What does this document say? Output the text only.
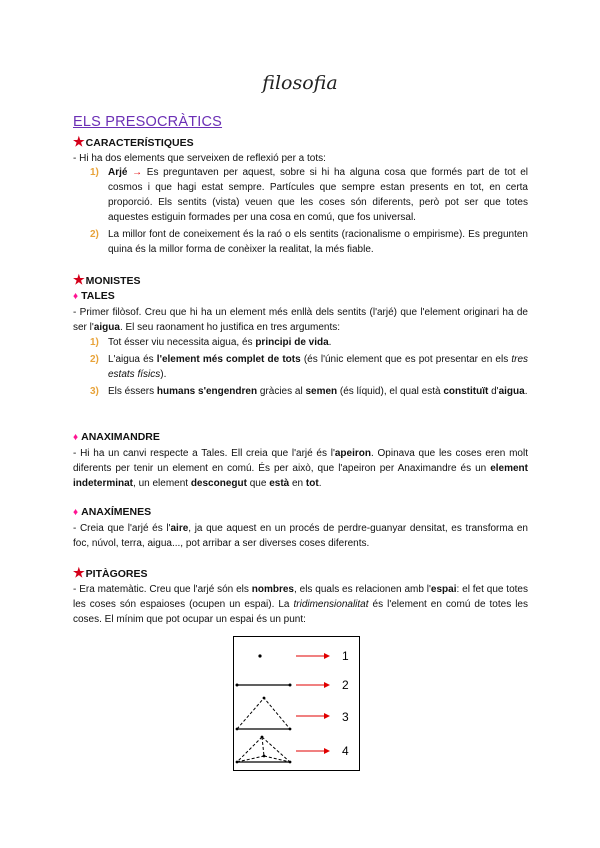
filosofia
ELS PRESOCRÀTICS
★CARACTERÍSTIQUES
- Hi ha dos elements que serveixen de reflexió per a tots:
1) Arjé → Es preguntaven per aquest, sobre si hi ha alguna cosa que formés part de tot el cosmos i que hagi estat sempre. Partícules que sempre estan presents en tot, en certa proporció. Els sentits (vista) veuen que les coses són diferents, però pot ser que totes aquestes estiguin formades per una cosa en comú, que fos universal.
2) La millor font de coneixement és la raó o els sentits (racionalisme o empirisme). Es pregunten quina és la millor forma de conèixer la realitat, la més fiable.
★MONISTES
♦ TALES
- Primer filòsof. Creu que hi ha un element més enllà dels sentits (l'arjé) que l'element originari ha de ser l'aigua. El seu raonament ho justifica en tres arguments:
1) Tot ésser viu necessita aigua, és principi de vida.
2) L'aigua és l'element més complet de tots (és l'únic element que es pot presentar en els tres estats físics).
3) Els éssers humans s'engendren gràcies al semen (és líquid), el qual està constituït d'aigua.
♦ ANAXIMANDRE
- Hi ha un canvi respecte a Tales. Ell creia que l'arjé és l'apeiron. Opinava que les coses eren molt diferents per tenir un element en comú. És per això, que l'apeiron per Anaximandre és un element indeterminat, un element desconegut que està en tot.
♦ ANAXÍMENES
- Creia que l'arjé és l'aire, ja que aquest en un procés de perdre-guanyar densitat, es transforma en foc, núvol, terra, aigua..., pot arribar a ser diverses coses diferents.
★PITÀGORES
- Era matemàtic. Creu que l'arjé són els nombres, els quals es relacionen amb l'espai: el fet que totes les coses són espaioses (ocupen un espai). La tridimensionalitat és l'element en comú de totes les coses. El mínim que pot ocupar un espai és un punt:
1
2
3
4
